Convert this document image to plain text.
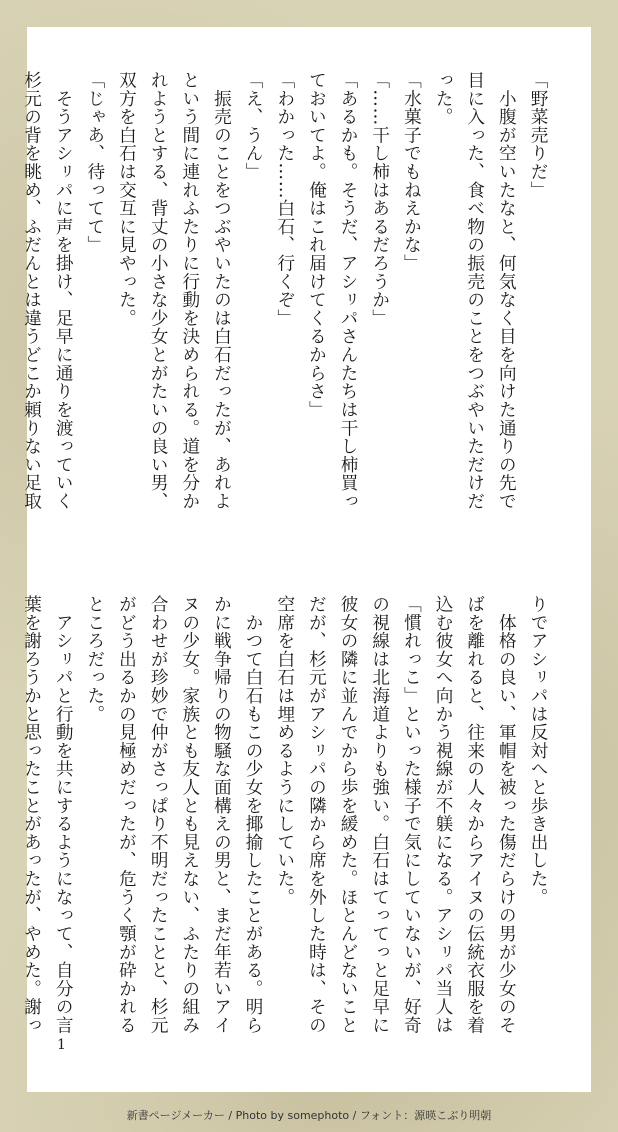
「野菜売りだ」

　小腹が空いたなと、何気なく目を向けた通りの先で

目に入った、食べ物の振売のことをつぶやいただけだ

った。

「水菓子でもねえかな」

「……干し柿はあるだろうか」

「あるかも。そうだ、アシㇼパさんたちは干し柿買っ

ておいてよ。俺はこれ届けてくるからさ」

「わかった……白石、行くぞ」

「え、うん」

　振売のことをつぶやいたのは白石だったが、あれよ

という間に連れふたりに行動を決められる。道を分か

れようとする、背丈の小さな少女とがたいの良い男、

双方を白石は交互に見やった。

「じゃあ、待ってて」

　そうアシㇼパに声を掛け、足早に通りを渡っていく

杉元の背を眺め、ふだんとは違うどこか頼りない足取

りでアシㇼパは反対へと歩き出した。

　体格の良い、軍帽を被った傷だらけの男が少女のそ

ばを離れると、往来の人々からアイヌの伝統衣服を着

込む彼女へ向かう視線が不躾になる。アシㇼパ当人は

「慣れっこ」といった様子で気にしていないが、好奇

の視線は北海道よりも強い。白石はてってっと足早に

彼女の隣に並んでから歩を緩めた。ほとんどないこと

だが、杉元がアシㇼパの隣から席を外した時は、その

空席を白石は埋めるようにしていた。

　かつて白石もこの少女を揶揄したことがある。明ら

かに戦争帰りの物騒な面構えの男と、まだ年若いアイ

ヌの少女。家族とも友人とも見えない、ふたりの組み

合わせが珍妙で仲がさっぱり不明だったことと、杉元

がどう出るかの見極めだったが、危うく顎が砕かれる

ところだった。

　アシㇼパと行動を共にするようになって、自分の言

葉を謝ろうかと思ったことがあったが、やめた。謝っ

1
新書ページメーカー / Photo by somephoto / フォント：源暎こぶり明朝
